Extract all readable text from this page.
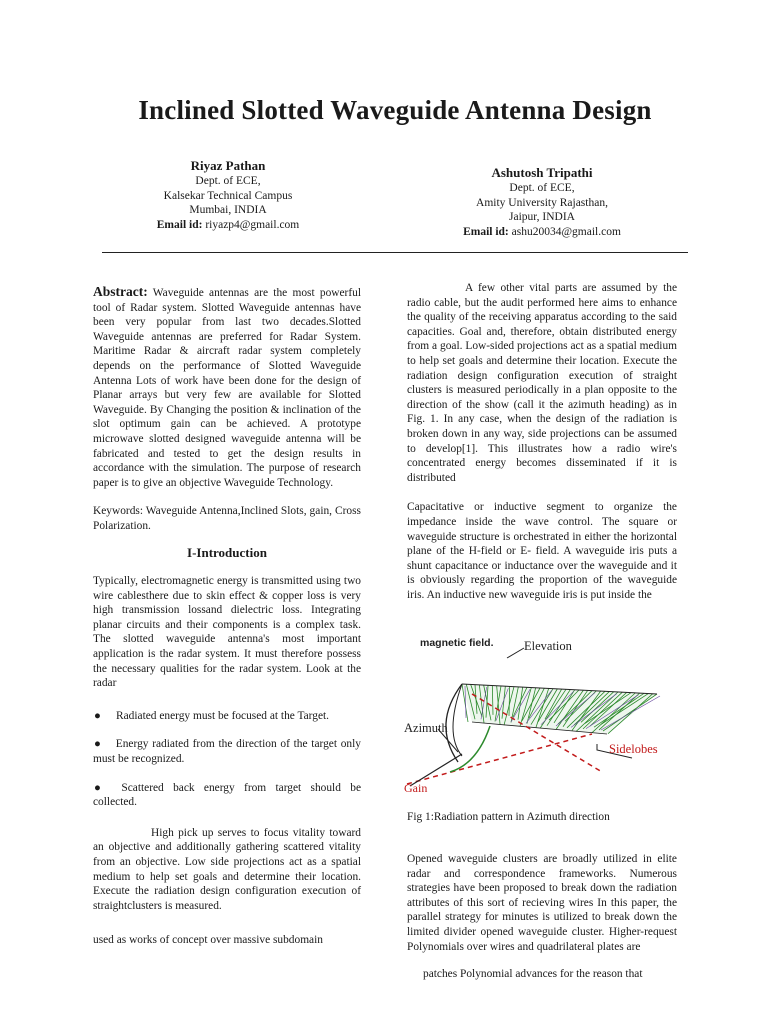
Inclined Slotted Waveguide Antenna Design
Riyaz Pathan
Dept. of ECE,
Kalsekar Technical Campus
Mumbai, INDIA
Email id: riyazp4@gmail.com
Ashutosh Tripathi
Dept. of ECE,
Amity University Rajasthan,
Jaipur, INDIA
Email id: ashu20034@gmail.com

Abstract: Waveguide antennas are the most powerful tool of Radar system. Slotted Waveguide antennas have been very popular from last two decades.Slotted Waveguide antennas are preferred for Radar System. Maritime Radar & aircraft radar system completely depends on the performance of Slotted Waveguide Antenna Lots of work have been done for the design of Planar arrays but very few are available for Slotted Waveguide. By Changing the position & inclination of the slot optimum gain can be achieved. A prototype microwave slotted designed waveguide antenna will be fabricated and tested to get the design results in accordance with the simulation. The purpose of research paper is to give an objective Waveguide Technology.

Keywords: Waveguide Antenna,Inclined Slots, gain, Cross Polarization.

I-Introduction

Typically, electromagnetic energy is transmitted using two wire cablesthere due to skin effect & copper loss is very high transmission lossand dielectric loss. Integrating planar circuits and their components is a complex task. The slotted waveguide antenna's most important application is the radar system. It must therefore possess the necessary qualities for the radar system. Look at the radar

● Radiated energy must be focused at the Target.

● Energy radiated from the direction of the target only must be recognized.

● Scattered back energy from target should be collected.

High pick up serves to focus vitality toward an objective and additionally gathering scattered vitality from an objective. Low side projections act as a spatial medium to help set goals and determine their location. Execute the radiation design configuration execution of straightclusters is measured.

used as works of concept over massive subdomain

A few other vital parts are assumed by the radio cable, but the audit performed here aims to enhance the quality of the receiving apparatus according to the said capacities. Goal and, therefore, obtain distributed energy from a goal. Low-sided projections act as a spatial medium to help set goals and determine their location. Execute the radiation design configuration execution of straight clusters is measured periodically in a plan opposite to the direction of the show (call it the azimuth heading) as in Fig. 1. In any case, when the design of the radiation is broken down in any way, side projections can be assumed to develop[1]. This illustrates how a radio wire's concentrated energy becomes disseminated if it is distributed

Capacitative or inductive segment to organize the impedance inside the wave control. The square or waveguide structure is orchestrated in either the horizontal plane of the H-field or E- field. A waveguide iris puts a shunt capacitance or inductance over the waveguide and it is obviously regarding the proportion of the waveguide iris. An inductive new waveguide iris is put inside the

magnetic field. Elevation
Azimuth
Sidelobes
Gain
Fig 1:Radiation pattern in Azimuth direction

Opened waveguide clusters are broadly utilized in elite radar and correspondence frameworks. Numerous strategies have been proposed to break down the radiation attributes of this sort of recieving wires In this paper, the parallel strategy for minutes is utilized to break down the limited divider opened waveguide cluster. Higher-request Polynomials over wires and quadrilateral plates are

patches Polynomial advances for the reason that
